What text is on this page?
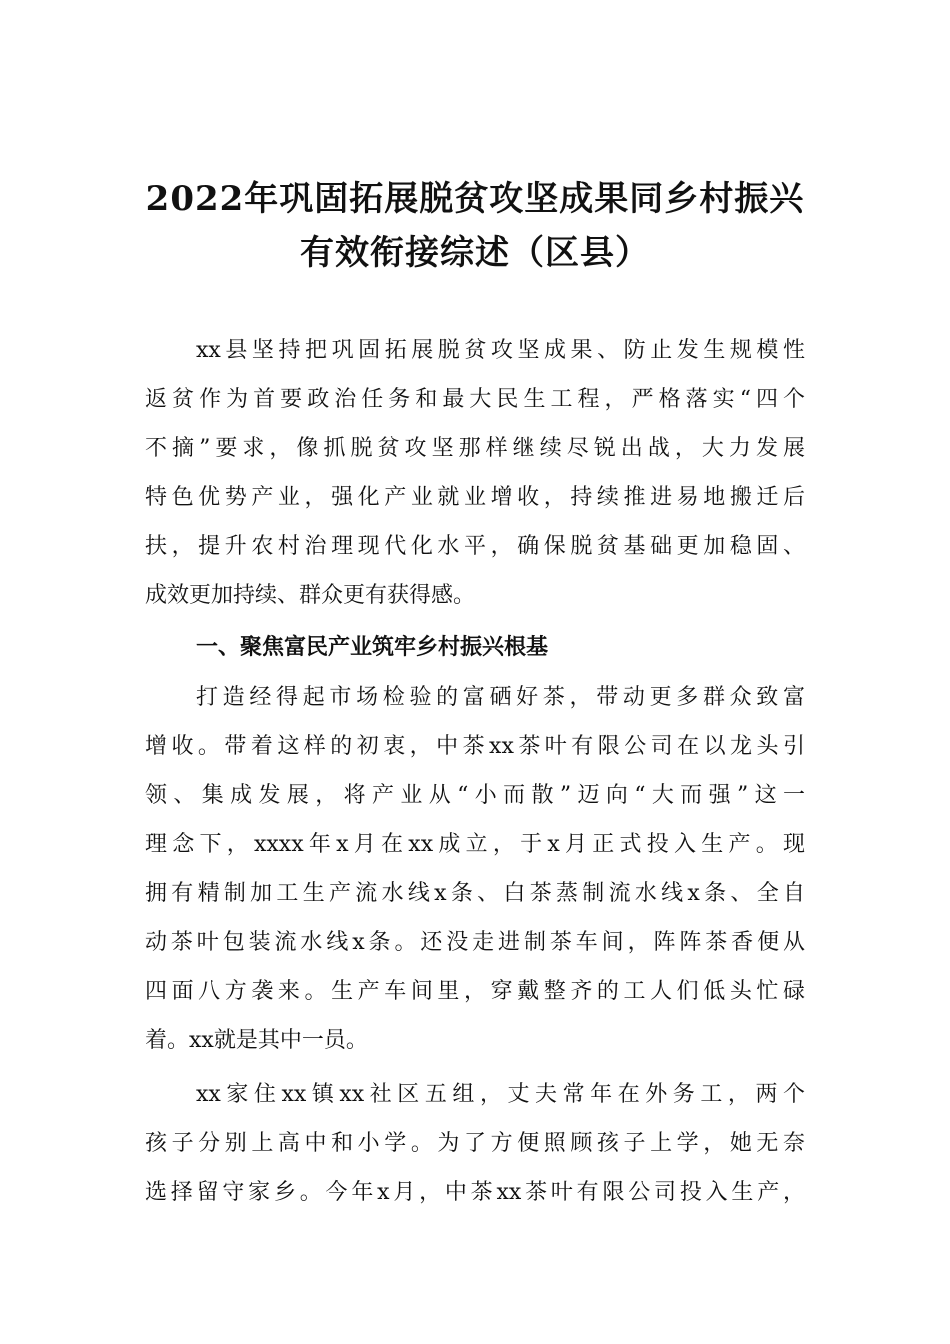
2022年巩固拓展脱贫攻坚成果同乡村振兴
有效衔接综述（区县）

xx县坚持把巩固拓展脱贫攻坚成果、防止发生规模性

返贫作为首要政治任务和最大民生工程，严格落实“四个

不摘”要求，像抓脱贫攻坚那样继续尽锐出战，大力发展

特色优势产业，强化产业就业增收，持续推进易地搬迁后

扶，提升农村治理现代化水平，确保脱贫基础更加稳固、

成效更加持续、群众更有获得感。

一、聚焦富民产业筑牢乡村振兴根基

打造经得起市场检验的富硒好茶，带动更多群众致富

增收。带着这样的初衷，中茶xx茶叶有限公司在以龙头引

领、集成发展，将产业从“小而散”迈向“大而强”这一

理念下，xxxx年x月在xx成立，于x月正式投入生产。现

拥有精制加工生产流水线x条、白茶蒸制流水线x条、全自

动茶叶包装流水线x条。还没走进制茶车间，阵阵茶香便从

四面八方袭来。生产车间里，穿戴整齐的工人们低头忙碌

着。xx就是其中一员。

xx家住xx镇xx社区五组，丈夫常年在外务工，两个

孩子分别上高中和小学。为了方便照顾孩子上学，她无奈

选择留守家乡。今年x月，中茶xx茶叶有限公司投入生产，
